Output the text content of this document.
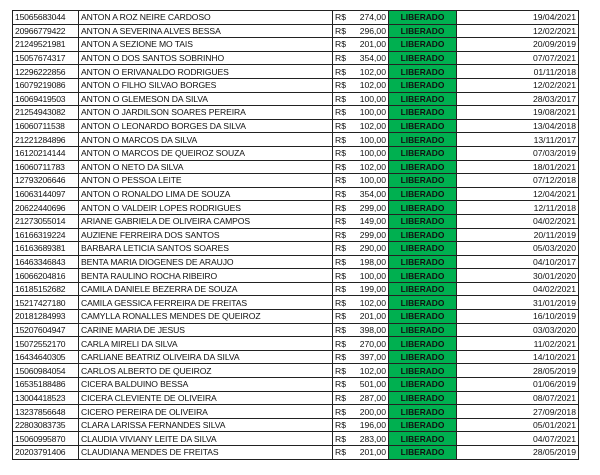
15065683044	ANTON A ROZ NEIRE CARDOSO	R$ 274,00	LIBERADO		19/04/2021
20966779422	ANTON A SEVERINA ALVES BESSA	R$ 296,00	LIBERADO		12/02/2021
21249521981	ANTON A SEZIONE MO TAIS	R$ 201,00	LIBERADO		20/09/2019
15057674317	ANTON O DOS SANTOS SOBRINHO	R$ 354,00	LIBERADO		07/07/2021
12296222856	ANTON O ERIVANALDO RODRIGUES	R$ 102,00	LIBERADO		01/11/2018
16079219086	ANTON O FILHO SILVAO BORGES	R$ 102,00	LIBERADO		12/02/2021
16069419503	ANTON O GLEMESON DA SILVA	R$ 100,00	LIBERADO		28/03/2017
21254943082	ANTON O JARDILSON SOARES PEREIRA	R$ 100,00	LIBERADO		19/08/2021
16060711538	ANTON O LEONARDO BORGES DA SILVA	R$ 102,00	LIBERADO		13/04/2018
21221284896	ANTON O MARCOS DA SILVA	R$ 100,00	LIBERADO		13/11/2017
16120214144	ANTON O MARCOS DE QUEIROZ SOUZA	R$ 100,00	LIBERADO		07/03/2019
16060711783	ANTON O NETO DA SILVA	R$ 102,00	LIBERADO		18/01/2021
12793206646	ANTON O PESSOA LEITE	R$ 100,00	LIBERADO		07/12/2018
16063144097	ANTON O RONALDO LIMA DE SOUZA	R$ 354,00	LIBERADO		12/04/2021
20622440696	ANTON O VALDEIR LOPES RODRIGUES	R$ 299,00	LIBERADO		12/11/2018
21273055014	ARIANE GABRIELA DE OLIVEIRA CAMPOS	R$ 149,00	LIBERADO		04/02/2021
16166319224	AUZIENE FERREIRA DOS SANTOS	R$ 299,00	LIBERADO		20/11/2019
16163689381	BARBARA LETICIA SANTOS SOARES	R$ 290,00	LIBERADO		05/03/2020
16463346843	BENTA MARIA DIOGENES DE ARAUJO	R$ 198,00	LIBERADO		04/10/2017
16066204816	BENTA RAULINO ROCHA RIBEIRO	R$ 100,00	LIBERADO		30/01/2020
16185152682	CAMILA DANIELE BEZERRA DE SOUZA	R$ 199,00	LIBERADO		04/02/2021
15217427180	CAMILA GESSICA FERREIRA DE FREITAS	R$ 102,00	LIBERADO		31/01/2019
20181284993	CAMYLLA RONALLES MENDES DE QUEIROZ	R$ 201,00	LIBERADO		16/10/2019
15207604947	CARINE MARIA DE JESUS	R$ 398,00	LIBERADO		03/03/2020
15072552170	CARLA MIRELI DA SILVA	R$ 270,00	LIBERADO		11/02/2021
16434640305	CARLIANE BEATRIZ OLIVEIRA DA SILVA	R$ 397,00	LIBERADO		14/10/2021
15060984054	CARLOS ALBERTO DE QUEIROZ	R$ 102,00	LIBERADO		28/05/2019
16535188486	CICERA BALDUINO BESSA	R$ 501,00	LIBERADO		01/06/2019
13004418523	CICERA CLEVIENTE DE OLIVEIRA	R$ 287,00	LIBERADO		08/07/2021
13237856648	CICERO PEREIRA DE OLIVEIRA	R$ 200,00	LIBERADO		27/09/2018
22803083735	CLARA LARISSA FERNANDES SILVA	R$ 196,00	LIBERADO		05/01/2021
15060995870	CLAUDIA VIVIANY LEITE DA SILVA	R$ 283,00	LIBERADO		04/07/2021
20203791406	CLAUDIANA MENDES DE FREITAS	R$ 201,00	LIBERADO		28/05/2019
